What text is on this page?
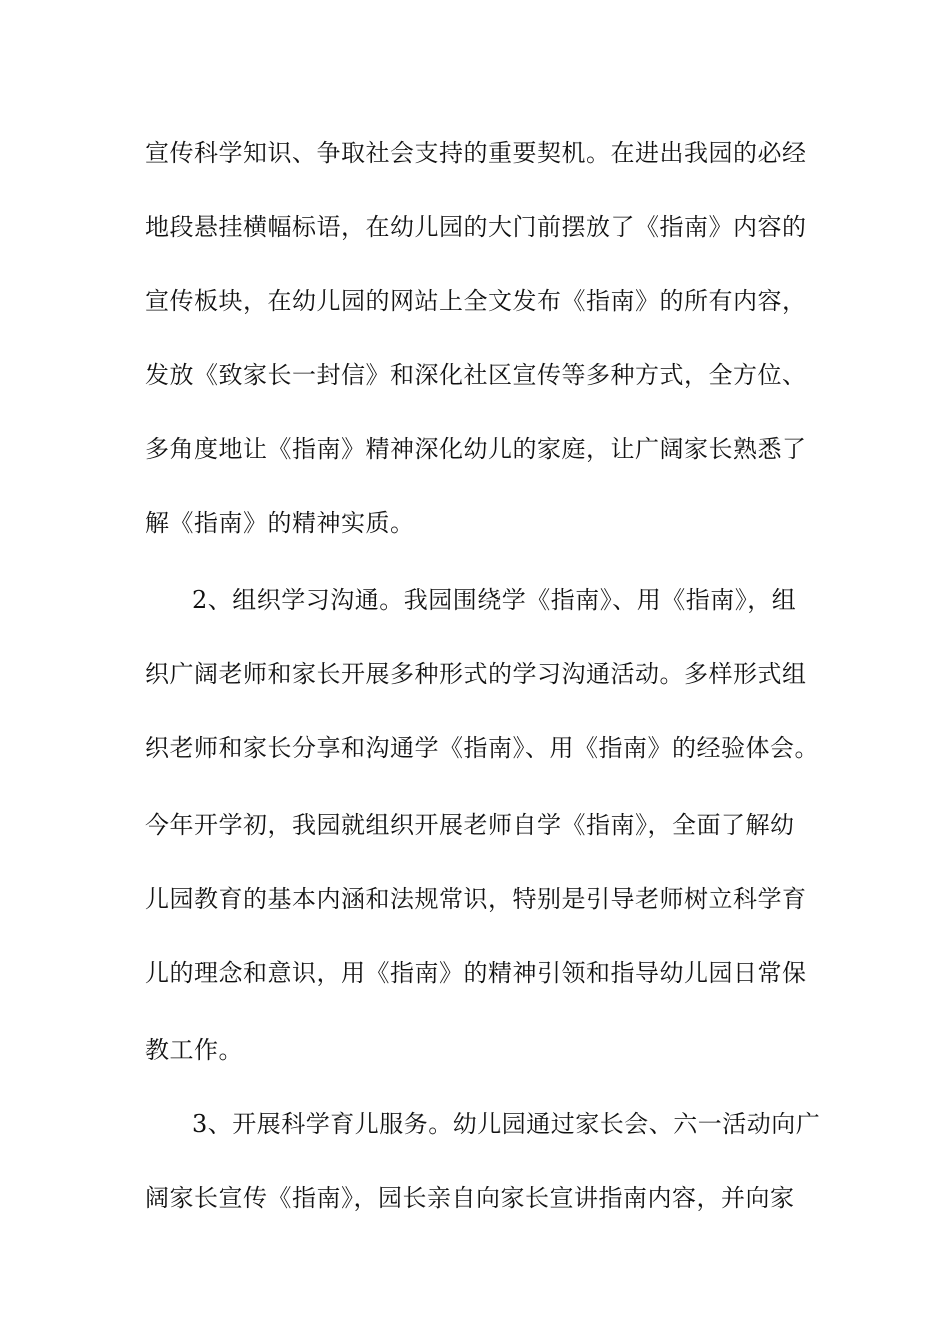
宣传科学知识、争取社会支持的重要契机。在进出我园的必经
地段悬挂横幅标语，在幼儿园的大门前摆放了《指南》内容的
宣传板块，在幼儿园的网站上全文发布《指南》的所有内容，
发放《致家长一封信》和深化社区宣传等多种方式，全方位、
多角度地让《指南》精神深化幼儿的家庭，让广阔家长熟悉了
解《指南》的精神实质。
2、组织学习沟通。我园围绕学《指南》、用《指南》，组
织广阔老师和家长开展多种形式的学习沟通活动。多样形式组
织老师和家长分享和沟通学《指南》、用《指南》的经验体会。
今年开学初，我园就组织开展老师自学《指南》，全面了解幼
儿园教育的基本内涵和法规常识，特别是引导老师树立科学育
儿的理念和意识，用《指南》的精神引领和指导幼儿园日常保
教工作。
3、开展科学育儿服务。幼儿园通过家长会、六一活动向广
阔家长宣传《指南》，园长亲自向家长宣讲指南内容，并向家
